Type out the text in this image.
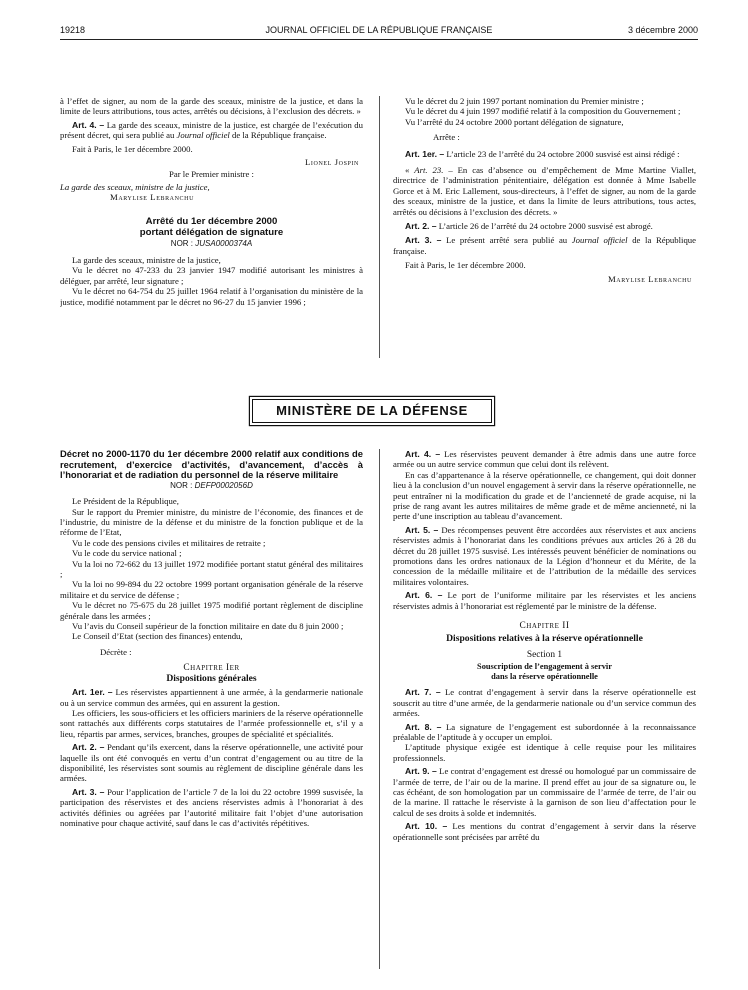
19218	JOURNAL OFFICIEL DE LA RÉPUBLIQUE FRANÇAISE	3 décembre 2000

à l’effet de signer, au nom de la garde des sceaux, ministre de la justice, et dans la limite de leurs attributions, tous actes, arrêtés ou décisions, à l’exclusion des décrets. »

Art. 4. – La garde des sceaux, ministre de la justice, est chargée de l’exécution du présent décret, qui sera publié au Journal officiel de la République française.

Fait à Paris, le 1er décembre 2000.

Lionel Jospin

Par le Premier ministre :

La garde des sceaux, ministre de la justice,

Marylise Lebranchu

Arrêté du 1er décembre 2000

portant délégation de signature

NOR : JUSA0000374A

La garde des sceaux, ministre de la justice,

Vu le décret no 47-233 du 23 janvier 1947 modifié autorisant les ministres à déléguer, par arrêté, leur signature ;

Vu le décret no 64-754 du 25 juillet 1964 relatif à l’organisation du ministère de la justice, modifié notamment par le décret no 96-27 du 15 janvier 1996 ;

Vu le décret du 2 juin 1997 portant nomination du Premier ministre ;

Vu le décret du 4 juin 1997 modifié relatif à la composition du Gouvernement ;

Vu l’arrêté du 24 octobre 2000 portant délégation de signature,

Arrête :

Art. 1er. – L’article 23 de l’arrêté du 24 octobre 2000 susvisé est ainsi rédigé :

« Art. 23. – En cas d’absence ou d’empêchement de Mme Martine Viallet, directrice de l’administration pénitentiaire, délégation est donnée à Mme Isabelle Gorce et à M. Eric Lallement, sous-directeurs, à l’effet de signer, au nom de la garde des sceaux, ministre de la justice, et dans la limite de leurs attributions, tous actes, arrêtés ou décisions à l’exclusion des décrets. »

Art. 2. – L’article 26 de l’arrêté du 24 octobre 2000 susvisé est abrogé.

Art. 3. – Le présent arrêté sera publié au Journal officiel de la République française.

Fait à Paris, le 1er décembre 2000.

Marylise Lebranchu

MINISTÈRE DE LA DÉFENSE

Décret no 2000-1170 du 1er décembre 2000 relatif aux conditions de recrutement, d’exercice d’activités, d’avancement, d’accès à l’honorariat et de radiation du personnel de la réserve militaire

NOR : DEFP0002056D

Le Président de la République,

Sur le rapport du Premier ministre, du ministre de l’économie, des finances et de l’industrie, du ministre de la défense et du ministre de la fonction publique et de la réforme de l’Etat,

Vu le code des pensions civiles et militaires de retraite ;

Vu le code du service national ;

Vu la loi no 72-662 du 13 juillet 1972 modifiée portant statut général des militaires ;

Vu la loi no 99-894 du 22 octobre 1999 portant organisation générale de la réserve militaire et du service de défense ;

Vu le décret no 75-675 du 28 juillet 1975 modifié portant règlement de discipline générale dans les armées ;

Vu l’avis du Conseil supérieur de la fonction militaire en date du 8 juin 2000 ;

Le Conseil d’Etat (section des finances) entendu,

Décrète :

Chapitre Ier

Dispositions générales

Art. 1er. – Les réservistes appartiennent à une armée, à la gendarmerie nationale ou à un service commun des armées, qui en assurent la gestion.

Les officiers, les sous-officiers et les officiers mariniers de la réserve opérationnelle sont rattachés aux différents corps statutaires de l’armée professionnelle et, s’il y a lieu, répartis par armes, services, branches, groupes de spécialité et spécialités.

Art. 2. – Pendant qu’ils exercent, dans la réserve opérationnelle, une activité pour laquelle ils ont été convoqués en vertu d’un contrat d’engagement ou au titre de la disponibilité, les réservistes sont soumis au règlement de discipline générale dans les armées.

Art. 3. – Pour l’application de l’article 7 de la loi du 22 octobre 1999 susvisée, la participation des réservistes et des anciens réservistes admis à l’honorariat à des activités définies ou agréées par l’autorité militaire fait l’objet d’une autorisation nominative pour chaque activité, sauf dans le cas d’activités répétitives.

Art. 4. – Les réservistes peuvent demander à être admis dans une autre force armée ou un autre service commun que celui dont ils relèvent.

En cas d’appartenance à la réserve opérationnelle, ce changement, qui doit donner lieu à la conclusion d’un nouvel engagement à servir dans la réserve opérationnelle, ne peut entraîner ni la modification du grade et de l’ancienneté de grade acquise, ni la prise de rang avant les autres militaires de même grade et de même ancienneté, ni la perte d’une inscription au tableau d’avancement.

Art. 5. – Des récompenses peuvent être accordées aux réservistes et aux anciens réservistes admis à l’honorariat dans les conditions prévues aux articles 26 à 28 du décret du 28 juillet 1975 susvisé. Les intéressés peuvent bénéficier de nominations ou promotions dans les ordres nationaux de la Légion d’honneur et du Mérite, de la concession de la médaille militaire et de l’attribution de la médaille des services militaires volontaires.

Art. 6. – Le port de l’uniforme militaire par les réservistes et les anciens réservistes admis à l’honorariat est réglementé par le ministre de la défense.

Chapitre II

Dispositions relatives à la réserve opérationnelle

Section 1

Souscription de l’engagement à servir

dans la réserve opérationnelle

Art. 7. – Le contrat d’engagement à servir dans la réserve opérationnelle est souscrit au titre d’une armée, de la gendarmerie nationale ou d’un service commun des armées.

Art. 8. – La signature de l’engagement est subordonnée à la reconnaissance préalable de l’aptitude à y occuper un emploi.

L’aptitude physique exigée est identique à celle requise pour les militaires professionnels.

Art. 9. – Le contrat d’engagement est dressé ou homologué par un commissaire de l’armée de terre, de l’air ou de la marine. Il prend effet au jour de sa signature ou, le cas échéant, de son homologation par un commissaire de l’armée de terre, de l’air ou de la marine. Il rattache le réserviste à la garnison de son lieu d’affectation pour le calcul de ses droits à solde et indemnités.

Art. 10. – Les mentions du contrat d’engagement à servir dans la réserve opérationnelle sont précisées par arrêté du
